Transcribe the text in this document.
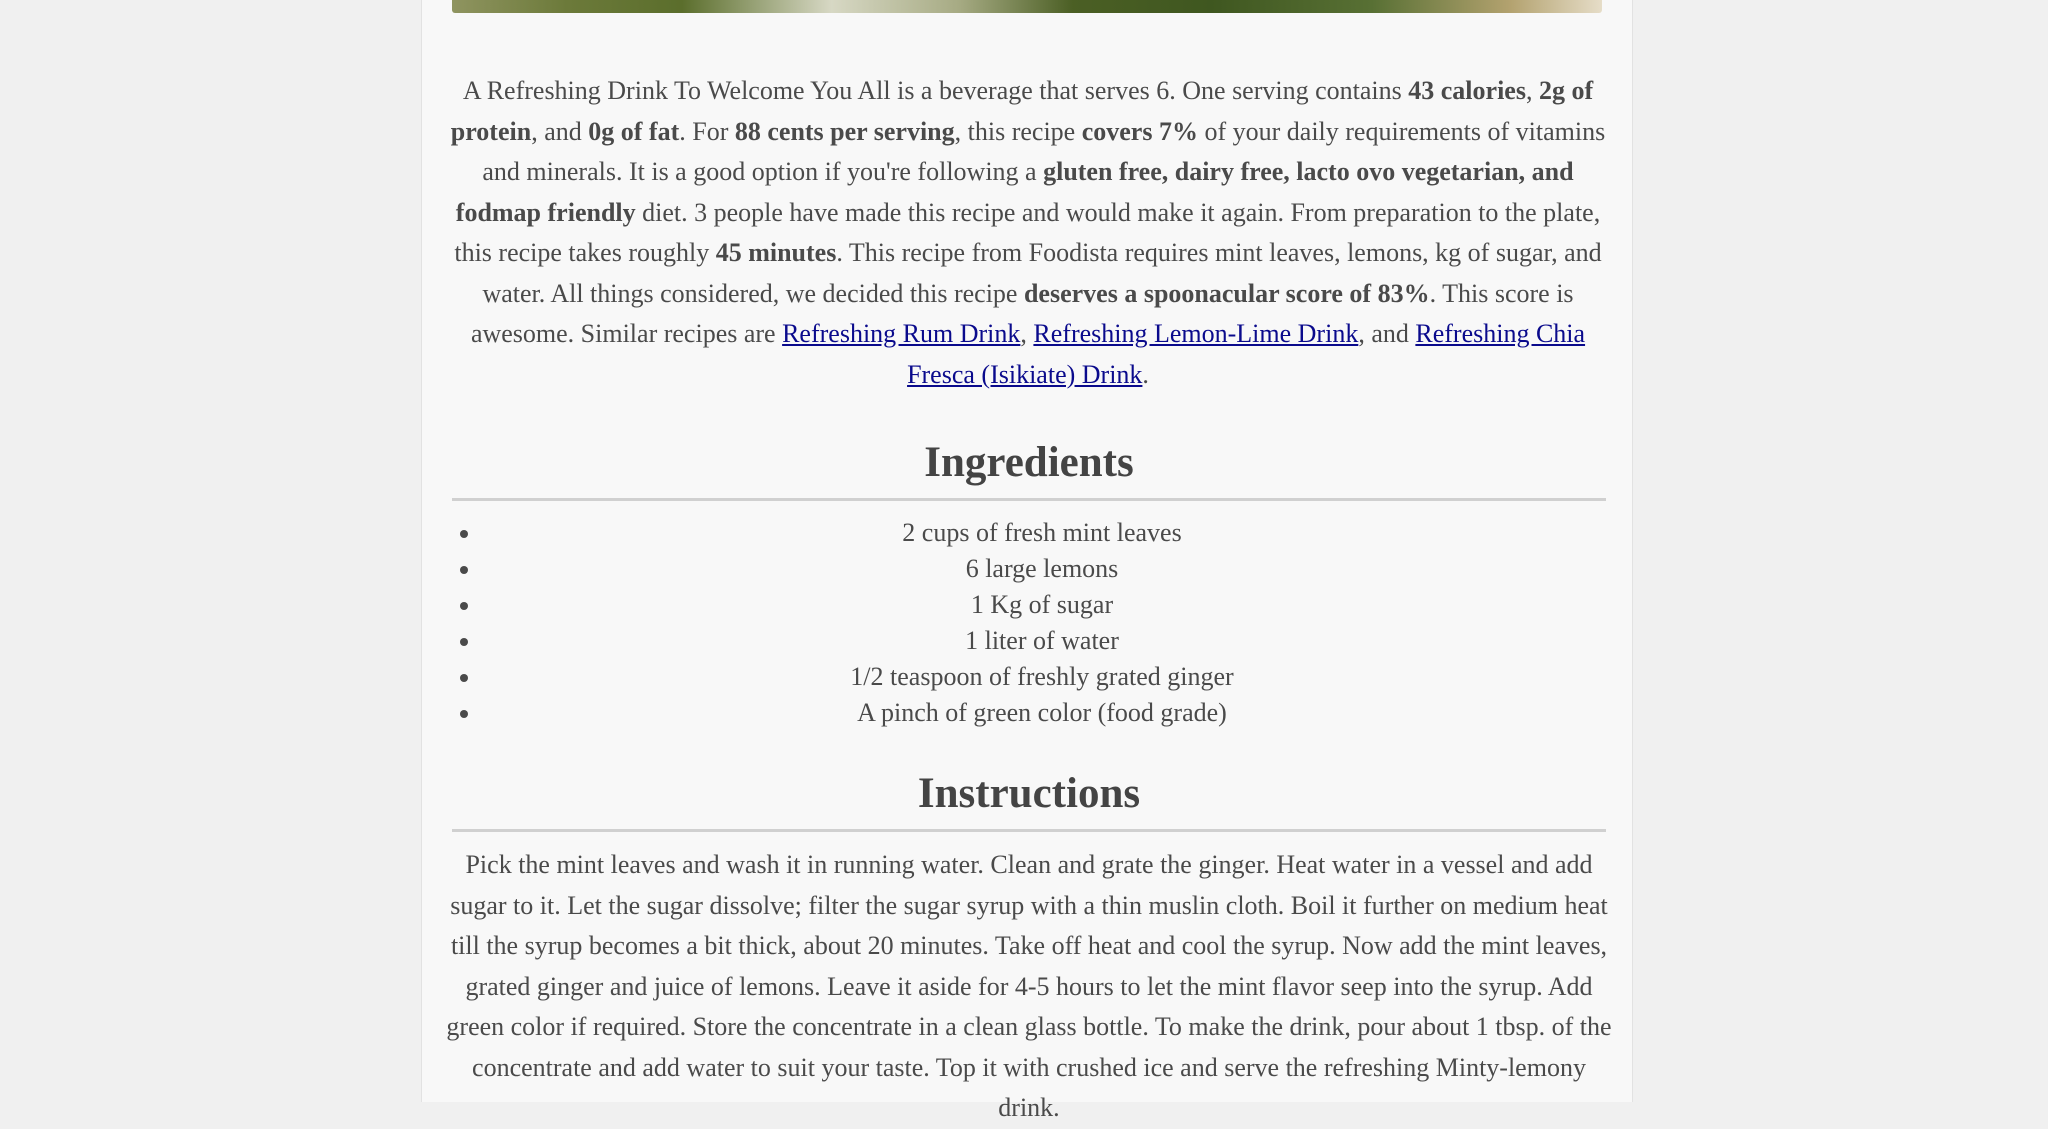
A Refreshing Drink To Welcome You All is a beverage that serves 6. One serving contains 43 calories, 2g of protein, and 0g of fat. For 88 cents per serving, this recipe covers 7% of your daily requirements of vitamins and minerals. It is a good option if you're following a gluten free, dairy free, lacto ovo vegetarian, and fodmap friendly diet. 3 people have made this recipe and would make it again. From preparation to the plate, this recipe takes roughly 45 minutes. This recipe from Foodista requires mint leaves, lemons, kg of sugar, and water. All things considered, we decided this recipe deserves a spoonacular score of 83%. This score is awesome. Similar recipes are Refreshing Rum Drink, Refreshing Lemon-Lime Drink, and Refreshing Chia Fresca (Isikiate) Drink.

Ingredients
• 2 cups of fresh mint leaves
• 6 large lemons
• 1 Kg of sugar
• 1 liter of water
• 1/2 teaspoon of freshly grated ginger
• A pinch of green color (food grade)
Instructions

Pick the mint leaves and wash it in running water. Clean and grate the ginger. Heat water in a vessel and add sugar to it. Let the sugar dissolve; filter the sugar syrup with a thin muslin cloth. Boil it further on medium heat till the syrup becomes a bit thick, about 20 minutes. Take off heat and cool the syrup. Now add the mint leaves, grated ginger and juice of lemons. Leave it aside for 4-5 hours to let the mint flavor seep into the syrup. Add green color if required. Store the concentrate in a clean glass bottle. To make the drink, pour about 1 tbsp. of the concentrate and add water to suit your taste. Top it with crushed ice and serve the refreshing Minty-lemony drink.
